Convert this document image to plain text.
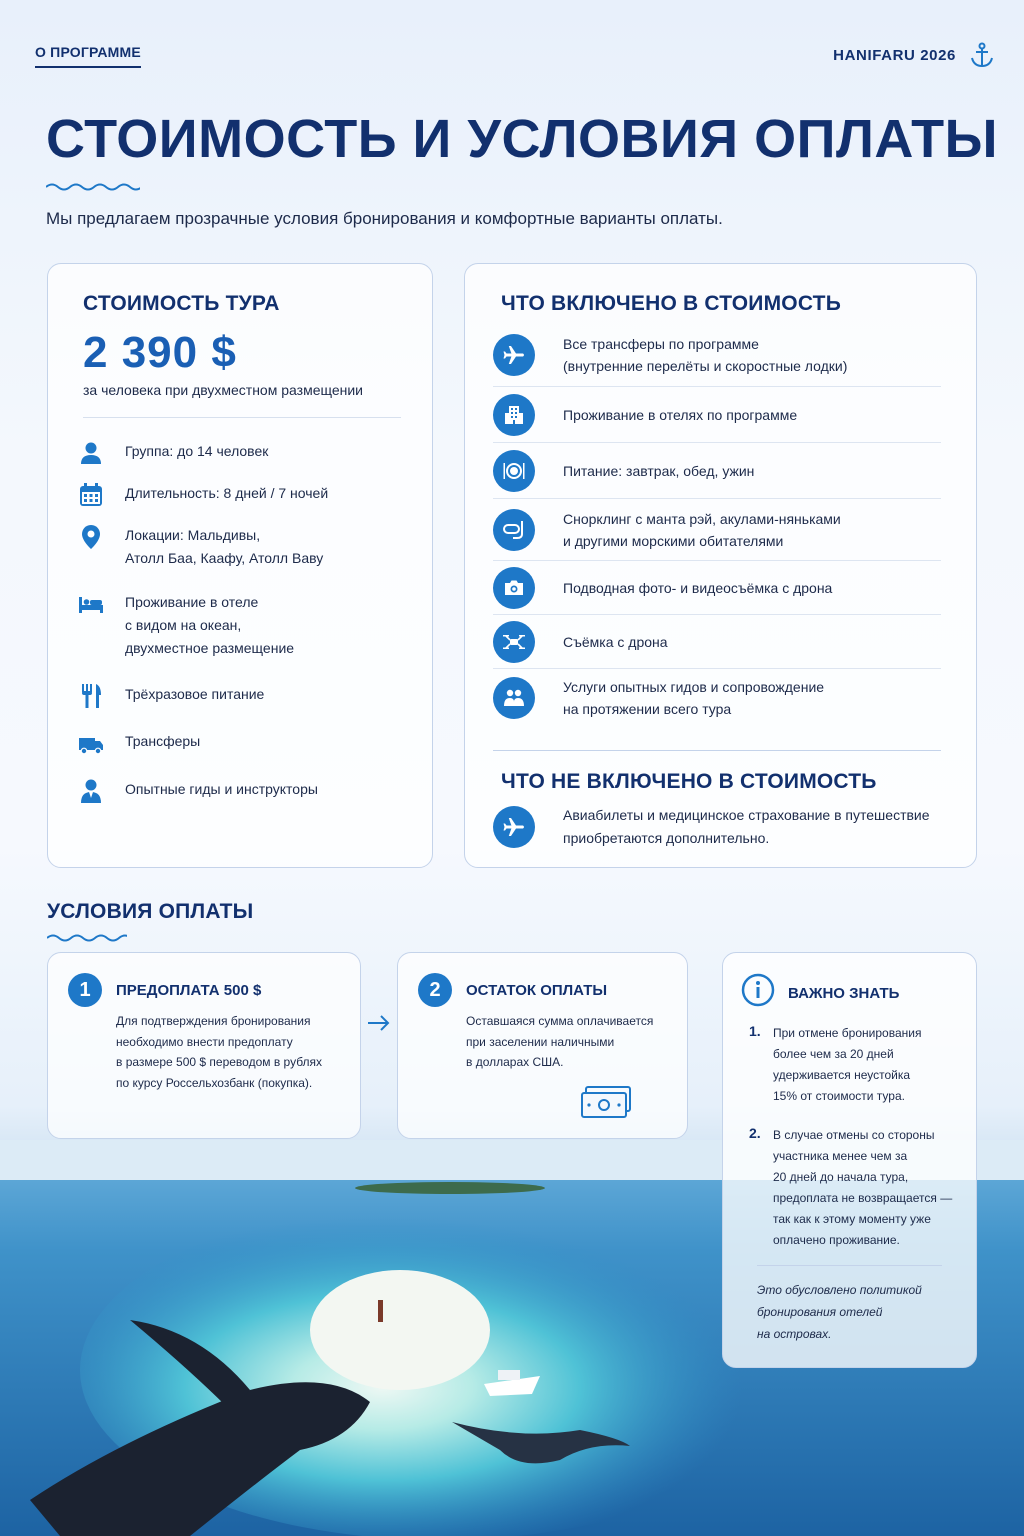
О ПРОГРАММЕ	HANIFARU 2026
СТОИМОСТЬ И УСЛОВИЯ ОПЛАТЫ

Мы предлагаем прозрачные условия бронирования и комфортные варианты оплаты.

СТОИМОСТЬ ТУРА
2 390 $
за человека при двухместном размещении
Группа: до 14 человек
Длительность: 8 дней / 7 ночей
Локации: Мальдивы,
Атолл Баа, Каафу, Атолл Ваву
Проживание в отеле
с видом на океан,
двухместное размещение
Трёхразовое питание
Трансферы
Опытные гиды и инструкторы
ЧТО ВКЛЮЧЕНО В СТОИМОСТЬ
Все трансферы по программе
(внутренние перелёты и скоростные лодки)
Проживание в отелях по программе
Питание: завтрак, обед, ужин
Снорклинг с манта рэй, акулами-няньками
и другими морскими обитателями
Подводная фото- и видеосъёмка с дрона
Съёмка с дрона
Услуги опытных гидов и сопровождение
на протяжении всего тура
ЧТО НЕ ВКЛЮЧЕНО В СТОИМОСТЬ
Авиабилеты и медицинское страхование в путешествие
приобретаются дополнительно.
УСЛОВИЯ ОПЛАТЫ
1	ПРЕДОПЛАТА 500 $
Для подтверждения бронирования
необходимо внести предоплату
в размере 500 $ переводом в рублях
по курсу Россельхозбанк (покупка).
2	ОСТАТОК ОПЛАТЫ
Оставшаяся сумма оплачивается
при заселении наличными
в долларах США.
ВАЖНО ЗНАТЬ
1. При отмене бронирования
более чем за 20 дней
удерживается неустойка
15% от стоимости тура.
2. В случае отмены со стороны
участника менее чем за
20 дней до начала тура,
предоплата не возвращается —
так как к этому моменту уже
оплачено проживание.
Это обусловлено политикой
бронирования отелей
на островах.
